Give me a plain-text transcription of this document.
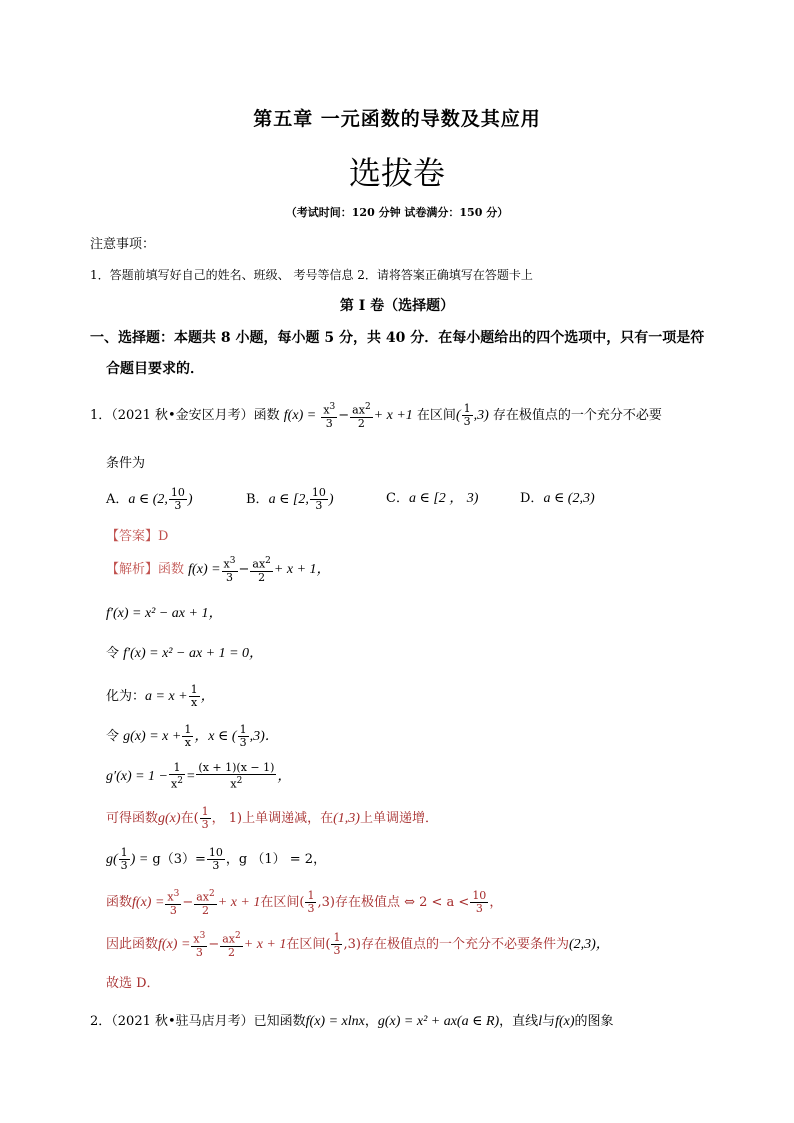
第五章 一元函数的导数及其应用
选拔卷
（考试时间：120 分钟 试卷满分：150 分）
注意事项：
1．答题前填写好自己的姓名、班级、 考号等信息 2．请将答案正确填写在答题卡上
第 I 卷（选择题）
一、选择题：本题共 8 小题，每小题 5 分，共 40 分．在每小题给出的四个选项中，只有一项是符
合题目要求的．
1．（2021 秋•金安区月考）函数 $f(x) = \frac{x^3}{3} - \frac{ax^2}{2} + x +1$ 在区间( $\frac{1}{3} ,3$) 存在极值点的一个充分不必要
条件为
A．a ∈ (2, $\frac{10}{3}$ )	B．a ∈ [2, $\frac{10}{3}$ )	C．a ∈ [2 ， 3)	D．a ∈ (2,3)
【答案】D
【解析】函数 $f(x) = \frac{x^3}{3} - \frac{ax^2}{2} + x + 1$，
f′(x) = x² − ax + 1，
令 f′(x) = x² − ax + 1 = 0，
化为：$a = x + \frac{1}{x}$ ，
令 $g(x) = x + \frac{1}{x}$ ，x ∈ ( $\frac{1}{3} ,3$)．
$g'(x) = 1 - \frac{1}{x^2} = \frac{(x + 1)(x - 1)}{x^2}$ ，
可得函数g(x)在( $\frac{1}{3}$ ， 1)上单调递减，在(1,3)上单调递增．
$g( \frac{1}{3}$ ) = $g(3)= \frac{10}{3}$ ，g （1） = 2，
函数$f(x) = \frac{x^3}{3} - \frac{ax^2}{2} + x + 1$在区间( $\frac{1}{3} ,3$)存在极值点 ⇔ $2 < a < \frac{10}{3}$ ，
因此函数$f(x) = \frac{x^3}{3} - \frac{ax^2}{2} + x + 1$在区间( $\frac{1}{3} ,3$)存在极值点的一个充分不必要条件为(2,3)，
故选 D．
2．（2021 秋•驻马店月考）已知函数f(x) = xlnx，g(x) = x² + ax(a ∈ R)，直线l与f(x)的图象
